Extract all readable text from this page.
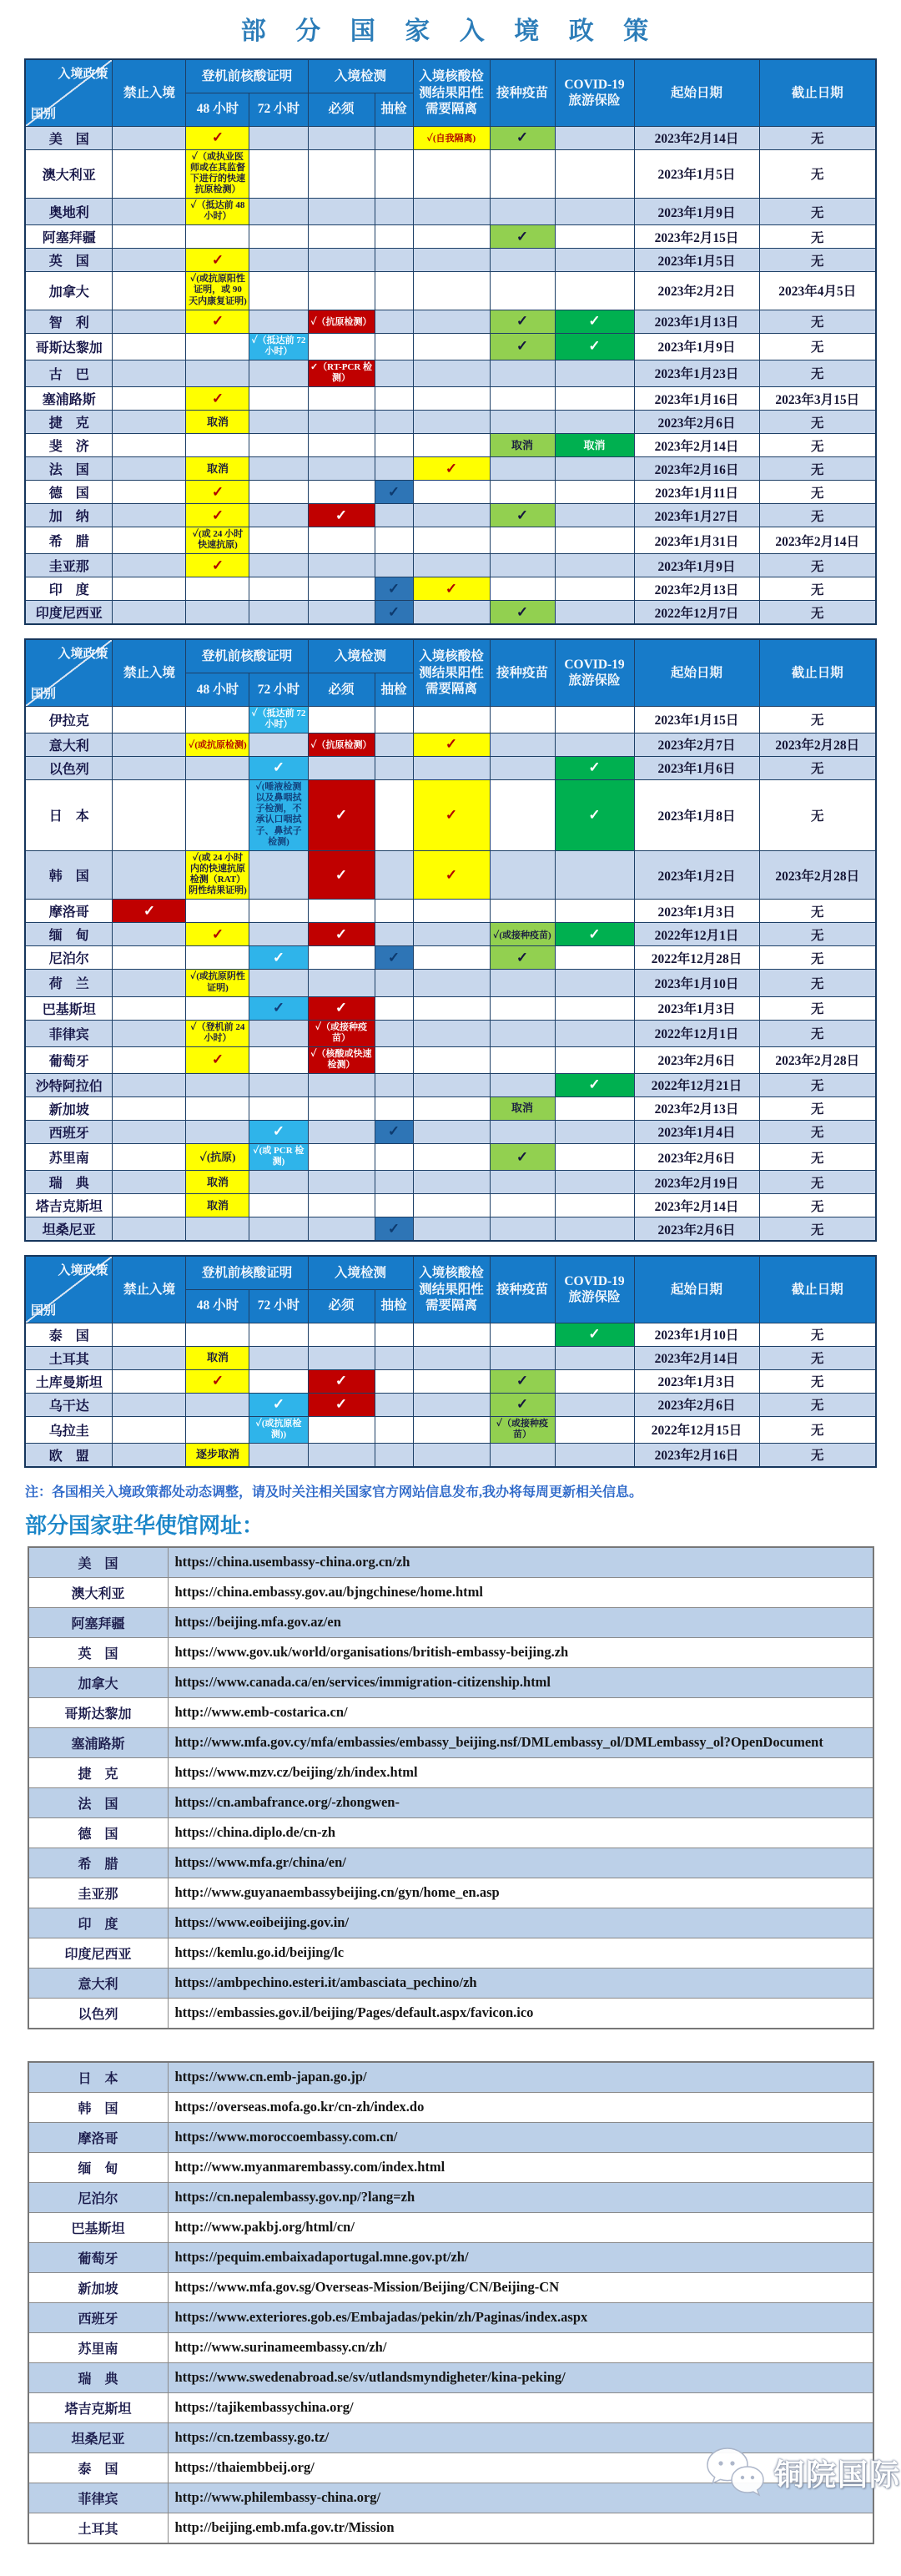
部 分 国 家 入 境 政 策
入境政策
国别	禁止入境	登机前核酸证明		入境检测		入境核酸检测结果阳性需要隔离	接种疫苗	COVID-19 旅游保险	起始日期	截止日期
		48 小时	72 小时	必须	抽检					
美　国		✓				✓(自我隔离)	✓		2023年2月14日	无
澳大利亚		✓（或执业医师或在其监督下进行的快速抗原检测）							2023年1月5日	无
奥地利		✓（抵达前 48 小时）							2023年1月9日	无
阿塞拜疆							✓		2023年2月15日	无
英　国		✓							2023年1月5日	无
加拿大		✓(或抗原阳性证明，或 90 天内康复证明)							2023年2月2日	2023年4月5日
智　利		✓		✓（抗原检测）			✓	✓	2023年1月13日	无
哥斯达黎加			✓（抵达前 72 小时）				✓	✓	2023年1月9日	无
古　巴				✓（RT-PCR 检测）					2023年1月23日	无
塞浦路斯		✓							2023年1月16日	2023年3月15日
捷　克		取消							2023年2月6日	无
斐　济							取消	取消	2023年2月14日	无
法　国		取消				✓			2023年2月16日	无
德　国		✓			✓				2023年1月11日	无
加　纳		✓		✓			✓		2023年1月27日	无
希　腊		✓(或 24 小时快速抗原)							2023年1月31日	2023年2月14日
圭亚那		✓							2023年1月9日	无
印　度					✓	✓			2023年2月13日	无
印度尼西亚					✓		✓		2022年12月7日	无
入境政策
国别	禁止入境	登机前核酸证明		入境检测		入境核酸检测结果阳性需要隔离	接种疫苗	COVID-19 旅游保险	起始日期	截止日期
		48 小时	72 小时	必须	抽检					
伊拉克			✓（抵达前 72 小时）						2023年1月15日	无
意大利		✓(或抗原检测)		✓（抗原检测）		✓			2023年2月7日	2023年2月28日
以色列			✓					✓	2023年1月6日	无
日　本			✓(唾液检测以及鼻咽拭子检测，不承认口咽拭子、鼻拭子检测)	✓		✓		✓	2023年1月8日	无
韩　国		✓(或 24 小时内的快速抗原检测（RAT）阴性结果证明)		✓		✓			2023年1月2日	2023年2月28日
摩洛哥	✓								2023年1月3日	无
缅　甸		✓		✓			✓(或接种疫苗)	✓	2022年12月1日	无
尼泊尔			✓		✓		✓		2022年12月28日	无
荷　兰		✓(或抗原阴性证明)							2023年1月10日	无
巴基斯坦			✓	✓					2023年1月3日	无
菲律宾		✓（登机前 24 小时）		✓（或接种疫苗）					2022年12月1日	无
葡萄牙		✓		✓（核酸或快速检测）					2023年2月6日	2023年2月28日
沙特阿拉伯								✓	2022年12月21日	无
新加坡							取消		2023年2月13日	无
西班牙			✓		✓				2023年1月4日	无
苏里南		✓(抗原)	✓(或 PCR 检测)				✓		2023年2月6日	无
瑞　典		取消							2023年2月19日	无
塔吉克斯坦		取消							2023年2月14日	无
坦桑尼亚					✓				2023年2月6日	无
入境政策
国别	禁止入境	登机前核酸证明		入境检测		入境核酸检测结果阳性需要隔离	接种疫苗	COVID-19 旅游保险	起始日期	截止日期
		48 小时	72 小时	必须	抽检					
泰　国								✓	2023年1月10日	无
土耳其		取消							2023年2月14日	无
土库曼斯坦		✓		✓			✓		2023年1月3日	无
乌干达			✓	✓			✓		2023年2月6日	无
乌拉圭			✓(或抗原检测))				✓（或接种疫苗）		2022年12月15日	无
欧　盟		逐步取消							2023年2月16日	无

注：各国相关入境政策都处动态调整，请及时关注相关国家官方网站信息发布,我办将每周更新相关信息。

部分国家驻华使馆网址：
美　国	https://china.usembassy-china.org.cn/zh
澳大利亚	https://china.embassy.gov.au/bjngchinese/home.html
阿塞拜疆	https://beijing.mfa.gov.az/en
英　国	https://www.gov.uk/world/organisations/british-embassy-beijing.zh
加拿大	https://www.canada.ca/en/services/immigration-citizenship.html
哥斯达黎加	http://www.emb-costarica.cn/
塞浦路斯	http://www.mfa.gov.cy/mfa/embassies/embassy_beijing.nsf/DMLembassy_ol/DMLembassy_ol?OpenDocument
捷　克	https://www.mzv.cz/beijing/zh/index.html
法　国	https://cn.ambafrance.org/-zhongwen-
德　国	https://china.diplo.de/cn-zh
希　腊	https://www.mfa.gr/china/en/
圭亚那	http://www.guyanaembassybeijing.cn/gyn/home_en.asp
印　度	https://www.eoibeijing.gov.in/
印度尼西亚	https://kemlu.go.id/beijing/lc
意大利	https://ambpechino.esteri.it/ambasciata_pechino/zh
以色列	https://embassies.gov.il/beijing/Pages/default.aspx/favicon.ico
日　本	https://www.cn.emb-japan.go.jp/
韩　国	https://overseas.mofa.go.kr/cn-zh/index.do
摩洛哥	https://www.moroccoembassy.com.cn/
缅　甸	http://www.myanmarembassy.com/index.html
尼泊尔	https://cn.nepalembassy.gov.np/?lang=zh
巴基斯坦	http://www.pakbj.org/html/cn/
葡萄牙	https://pequim.embaixadaportugal.mne.gov.pt/zh/
新加坡	https://www.mfa.gov.sg/Overseas-Mission/Beijing/CN/Beijing-CN
西班牙	https://www.exteriores.gob.es/Embajadas/pekin/zh/Paginas/index.aspx
苏里南	http://www.surinameembassy.cn/zh/
瑞　典	https://www.swedenabroad.se/sv/utlandsmyndigheter/kina-peking/
塔吉克斯坦	https://tajikembassychina.org/
坦桑尼亚	https://cn.tzembassy.go.tz/
泰　国	https://thaiembbeij.org/
菲律宾	http://www.philembassy-china.org/
土耳其	http://beijing.emb.mfa.gov.tr/Mission
铜院国际
